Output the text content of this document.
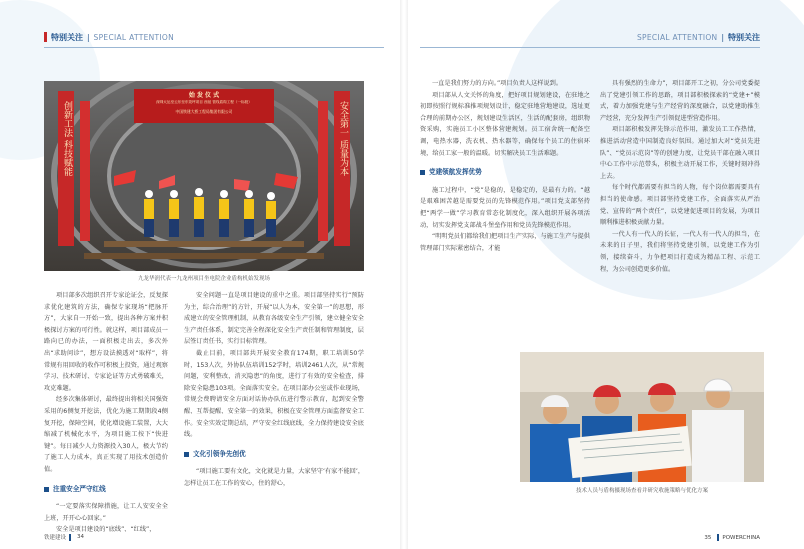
特别关注 | SPECIAL ATTENTION	SPECIAL ATTENTION | 特别关注
始 发 仪 式
深圳大运至云东至东莞坪项目 西延 管线盾构工程（一标段）
中国铁建大桥工程局集团有限公司
创新工法 科技赋能	安全第一 质量为本
九龙华润代表一九龙州项目坐电院企业盾构机始发现场

项目部多次组织召开专家论证会，反复探求优化建筑的方法，确保专家现场“把脉开方”，大家自一开始一致，提出各种方案并积极探讨方案的可行性。就这样，项目部成员一路向已的办法，一面积极走出去，多次外出“求助问诊”，想方设法摸透对“取样”，将常规有用回收的收作可积极上投资，通过观察学习、技术研讨、专家论证等方式勇破难关，攻克难题。

经多次集体研讨，最终提出将相关国强资采用的6侧复开挖法，优化为施工期期段4侧复开挖，保障空间，优化增设施工装置，大大缩减了机械化水平，为项目施工按下“快进键”。每日减少人力资源投入30人，极大节约了施工人力成本，真正实现了用技术创造价值。

注重安全严守红线

“一定要落实保障措施，让工人安安全全上班，开开心心回家。”

安全是项目建设的“底线”、“红线”，

安全问题一直是项目建设的重中之重。项目部坚持实行“预防为主，综合治理”的方针，开展“以人为本，安全第一”的思想，形成建立的安全管理机制，从教育各级安全生产引领，建立健全安全生产责任体系，制定完善全程深化安全生产责任制和管理制度，层层签订责任书，实行目标管理。

截止目前，项目部共开展安全教育174期，职工培训50学时，153人次，外协队伍培训152学时，培训2461人次，从“常规问题，安利整改，消灭隐患”的角度，进行了有效的安全检查，排除安全隐患103项。全面落实安全。在项目部办公室或作业现场，常规会费聘请安全方面对话协办队伍进行警示教育，起到安全警醒、互帮提醒、安全第一的效果，积极在安全管理方面监督安全工作。安全实效定期总结，严守安全红线底线，全力保持建设安全底线。

文化引领争先创优

“项目施工要有文化，文化就是力量，大家坚守‘有家不能回’，怎样让员工在工作的安心，住的舒心，

一直是我们努力的方向。”项目负责人这样说到。

项目部从人文关怀的角度，把好项目规划建设，在驻地之初即按照行规标准推项规划设计，稳定驻地营地建设，选址更合理的前期办公区，规划建设生活区，生活的配套房，组织物资采购，实施员工小区整体营建规划。员工宿舍统一配备空调，电热水器，洗衣机、热水器等，确保每个员工的住宿环境，给员工家一般的温暖。切实解决员工生活难题。

党建领航发挥优势

施工过程中，“党”是稳的，是稳定的，是最有力的。“越是艰难困苦越是需要党员的先锋模范作用。”项目党支部坚持把“两学一做”学习教育常态化制度化，深入组织开展各项活动，切实发挥党支部战斗堡垒作用和党员先锋模范作用。

“明明党员们都给我们把项目生产实际，与施工生产与提供管理部门实际紧密结合，才能

具有强烈的生命力”，项目部开工之初，分公司党委提出了党建引领工作的思路，项目部积极探索的“党建+”模式，着力加强党建与生产经营的深度融合，以党建助推生产经营，充分发挥生产引领促进型营造作用。

项目部积极发挥先锋示范作用，激发员工工作热情，推进活动营造中国制造良好氛围。通过加大对“党员先进队”、“党员示范岗”等的创建力度，让党员干部在融入项目中心工作中示范带头，积极主动开展工作，关键时刻冲得上去。

每个时代都需要有担当的人物，每个岗位都需要具有担当的使命感。项目部坚持党建工作，全面落实从严治党、宣传的“两个责任”，以党建促进项目的发展，为项目顺利推进积极贡献力量。

一代人有一代人的长征，一代人有一代人的担当，在未来的日子里，我们将坚持党建引领，以党建工作为引领，接续奋斗，力争把项目打造成为精品工程、示范工程，为公司创造更多价值。

技术人员与盾构摄现场查看并研究收施策略与优化方案
铁建建设 34	35 POWERCHINA
